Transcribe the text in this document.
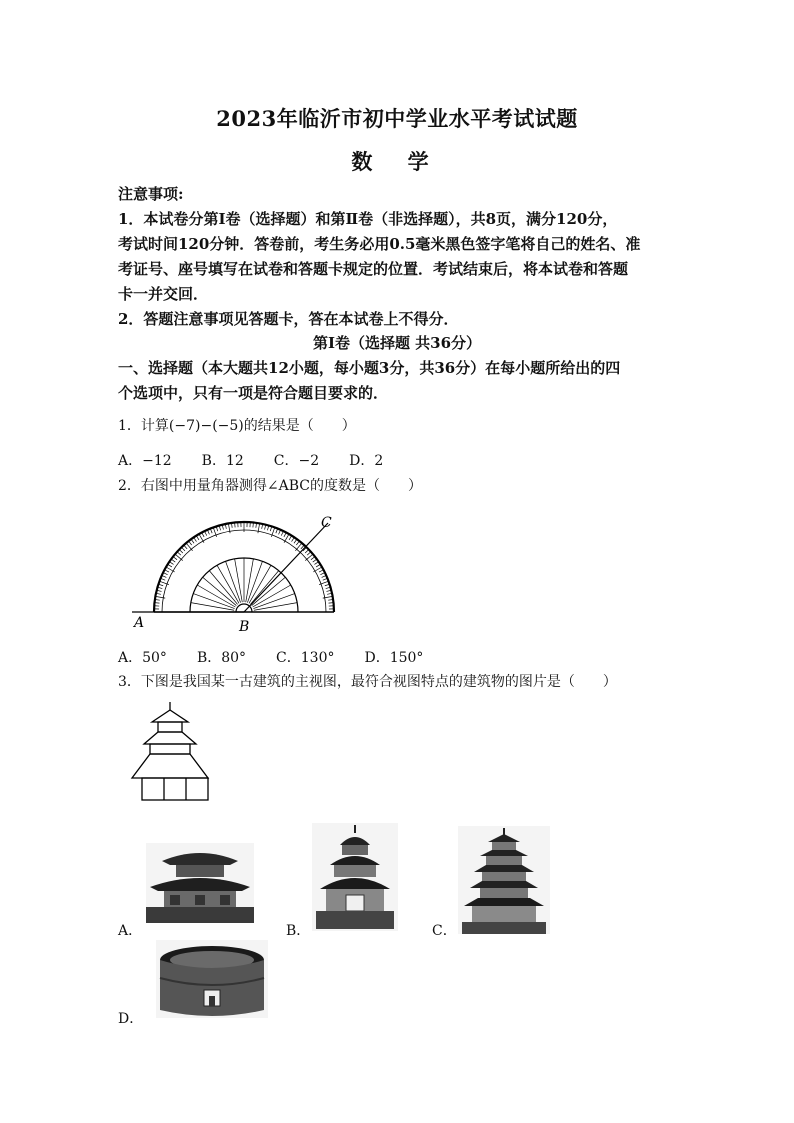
2023年临沂市初中学业水平考试试题
数 学
注意事项:
1．本试卷分第Ⅰ卷（选择题）和第Ⅱ卷（非选择题），共8页，满分120分，
考试时间120分钟．答卷前，考生务必用0.5毫米黑色签字笔将自己的姓名、准
考证号、座号填写在试卷和答题卡规定的位置．考试结束后，将本试卷和答题
卡一并交回．
2．答题注意事项见答题卡，答在本试卷上不得分．
第Ⅰ卷（选择题 共36分）
一、选择题（本大题共12小题，每小题3分，共36分）在每小题所给出的四
个选项中，只有一项是符合题目要求的．
1．计算(−7)−(−5)的结果是（　　）
A．−12 B．12 C．−2 D．2
2．右图中用量角器测得∠ABC的度数是（　　）
A	B
C
A．50° B．80° C．130° D．150°
3．下图是我国某一古建筑的主视图，最符合视图特点的建筑物的图片是（　　）
A．	B．	C．
D．
